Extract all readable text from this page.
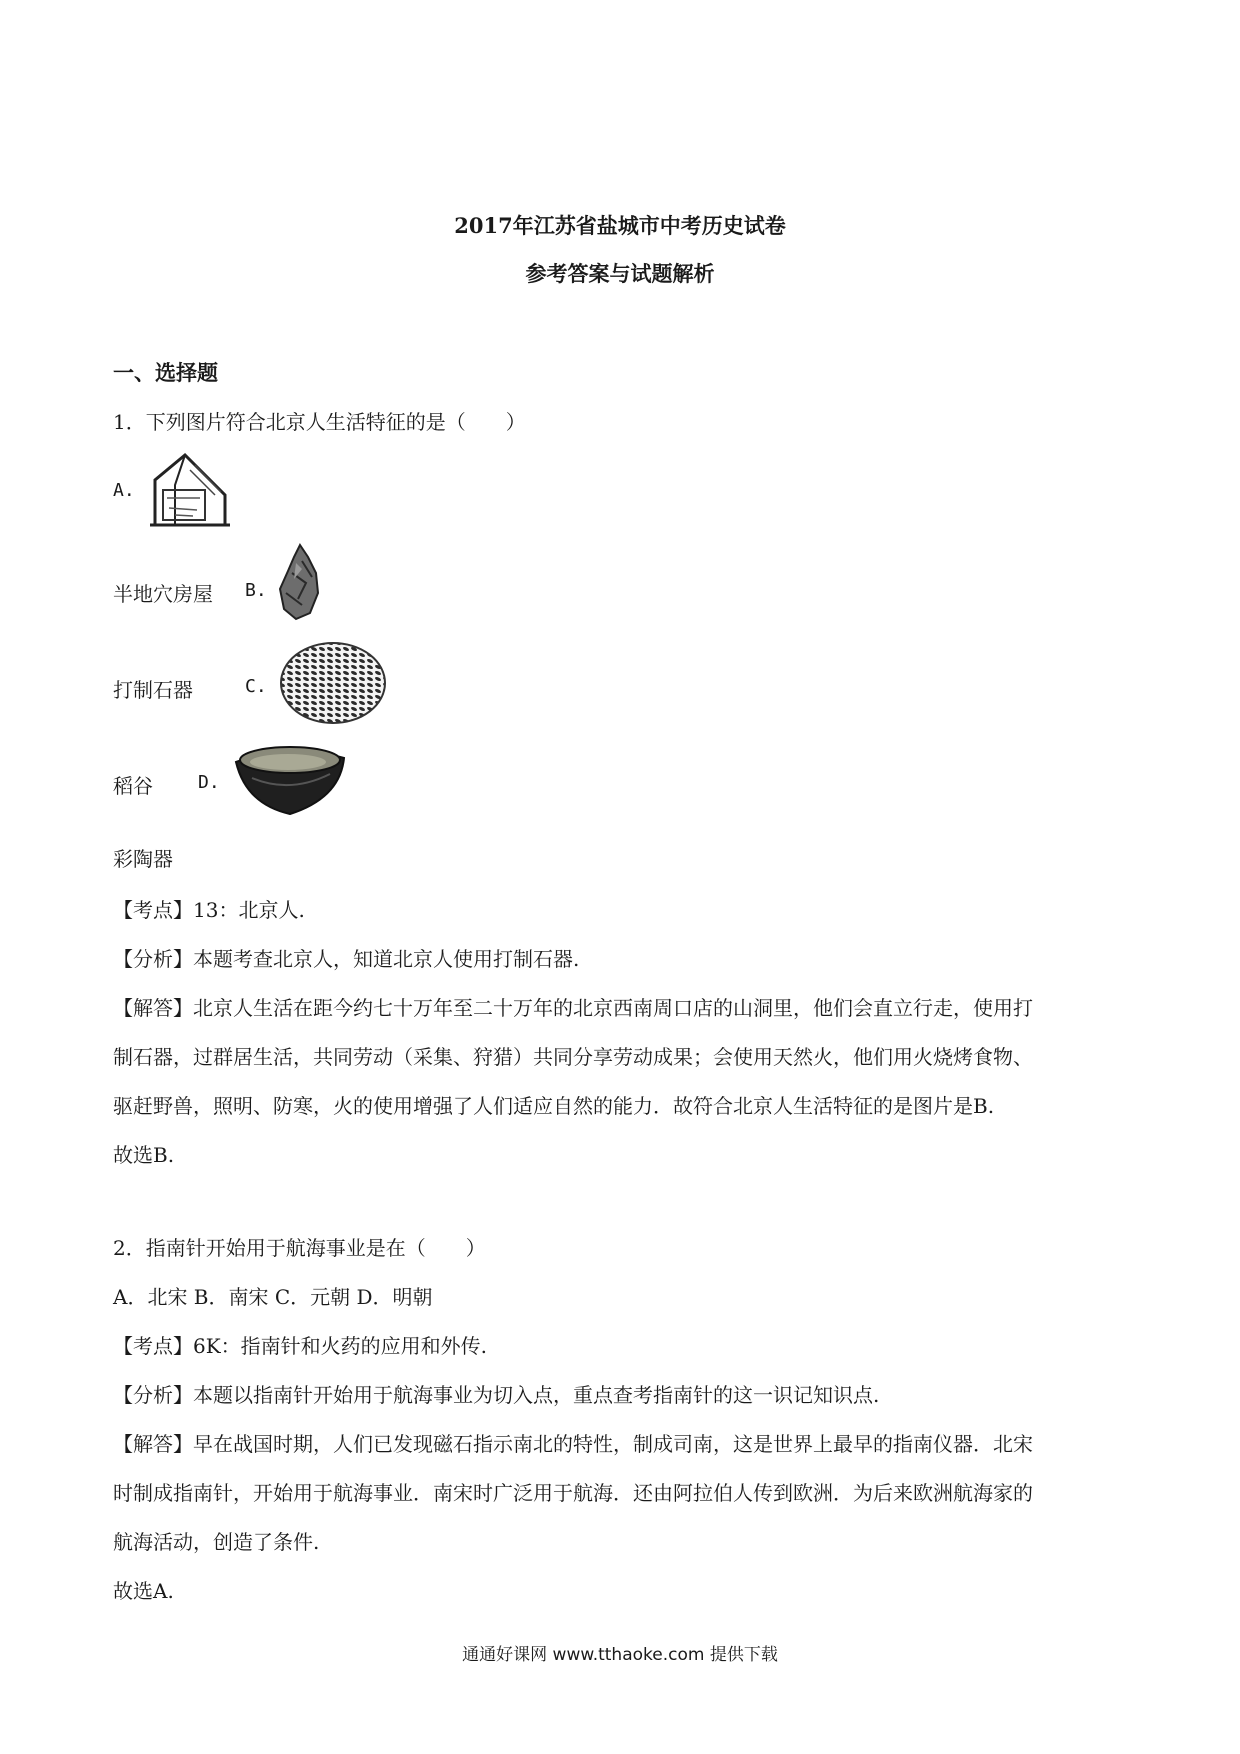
2017年江苏省盐城市中考历史试卷
参考答案与试题解析
一、选择题
1．下列图片符合北京人生活特征的是（　　）
A.
半地穴房屋 B.
打制石器	C.
稻谷	D.
彩陶器
【考点】13：北京人.
【分析】本题考查北京人，知道北京人使用打制石器.
【解答】北京人生活在距今约七十万年至二十万年的北京西南周口店的山洞里，他们会直立行走，使用打
制石器，过群居生活，共同劳动（采集、狩猎）共同分享劳动成果；会使用天然火，他们用火烧烤食物、
驱赶野兽，照明、防寒，火的使用增强了人们适应自然的能力．故符合北京人生活特征的是图片是B.
故选B.
2．指南针开始用于航海事业是在（　　）
A．北宋 B．南宋 C．元朝 D．明朝
【考点】6K：指南针和火药的应用和外传.
【分析】本题以指南针开始用于航海事业为切入点，重点查考指南针的这一识记知识点.
【解答】早在战国时期，人们已发现磁石指示南北的特性，制成司南，这是世界上最早的指南仪器．北宋
时制成指南针，开始用于航海事业．南宋时广泛用于航海．还由阿拉伯人传到欧洲．为后来欧洲航海家的
航海活动，创造了条件.
故选A.
通通好课网 www.tthaoke.com 提供下载
